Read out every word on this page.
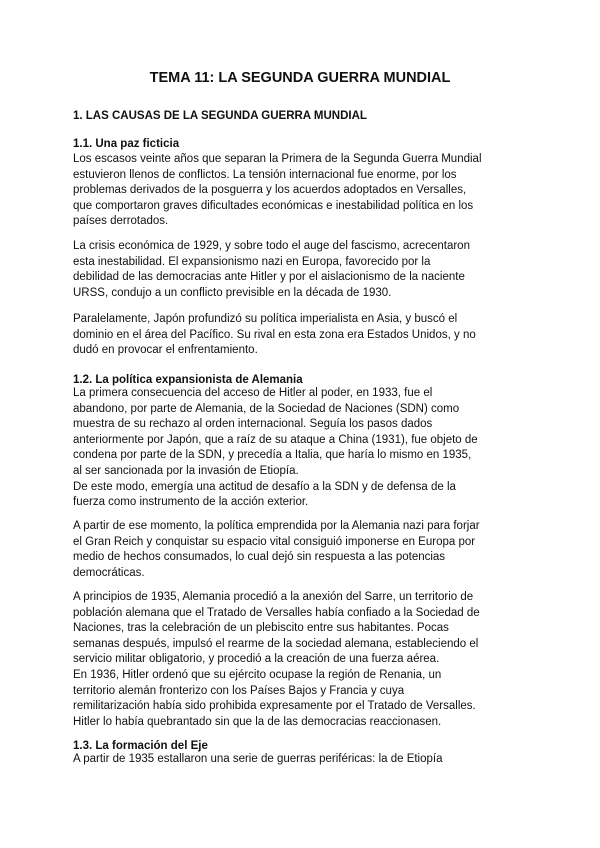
TEMA 11: LA SEGUNDA GUERRA MUNDIAL
1. LAS CAUSAS DE LA SEGUNDA GUERRA MUNDIAL
1.1. Una paz ficticia
Los escasos veinte años que separan la Primera de la Segunda Guerra Mundial
estuvieron llenos de conflictos. La tensión internacional fue enorme, por los
problemas derivados de la posguerra y los acuerdos adoptados en Versalles,
que comportaron graves dificultades económicas e inestabilidad política en los
países derrotados.
La crisis económica de 1929, y sobre todo el auge del fascismo, acrecentaron
esta inestabilidad. El expansionismo nazi en Europa, favorecido por la
debilidad de las democracias ante Hitler y por el aislacionismo de la naciente
URSS, condujo a un conflicto previsible en la década de 1930.
Paralelamente, Japón profundizó su política imperialista en Asia, y buscó el
dominio en el área del Pacífico. Su rival en esta zona era Estados Unidos, y no
dudó en provocar el enfrentamiento.
1.2. La política expansionista de Alemania
La primera consecuencia del acceso de Hitler al poder, en 1933, fue el
abandono, por parte de Alemania, de la Sociedad de Naciones (SDN) como
muestra de su rechazo al orden internacional. Seguía los pasos dados
anteriormente por Japón, que a raíz de su ataque a China (1931), fue objeto de
condena por parte de la SDN, y precedía a Italia, que haría lo mismo en 1935,
al ser sancionada por la invasión de Etiopía.
De este modo, emergía una actitud de desafío a la SDN y de defensa de la
fuerza como instrumento de la acción exterior.
A partir de ese momento, la política emprendida por la Alemania nazi para forjar
el Gran Reich y conquistar su espacio vital consiguió imponerse en Europa por
medio de hechos consumados, lo cual dejó sin respuesta a las potencias
democráticas.
A principios de 1935, Alemania procedió a la anexión del Sarre, un territorio de
población alemana que el Tratado de Versalles había confiado a la Sociedad de
Naciones, tras la celebración de un plebiscito entre sus habitantes. Pocas
semanas después, impulsó el rearme de la sociedad alemana, estableciendo el
servicio militar obligatorio, y procedió a la creación de una fuerza aérea.
En 1936, Hitler ordenó que su ejército ocupase la región de Renania, un
territorio alemán fronterizo con los Países Bajos y Francia y cuya
remilitarización había sido prohibida expresamente por el Tratado de Versalles.
Hitler lo había quebrantado sin que la de las democracias reaccionasen.
1.3. La formación del Eje
A partir de 1935 estallaron una serie de guerras periféricas: la de Etiopía
